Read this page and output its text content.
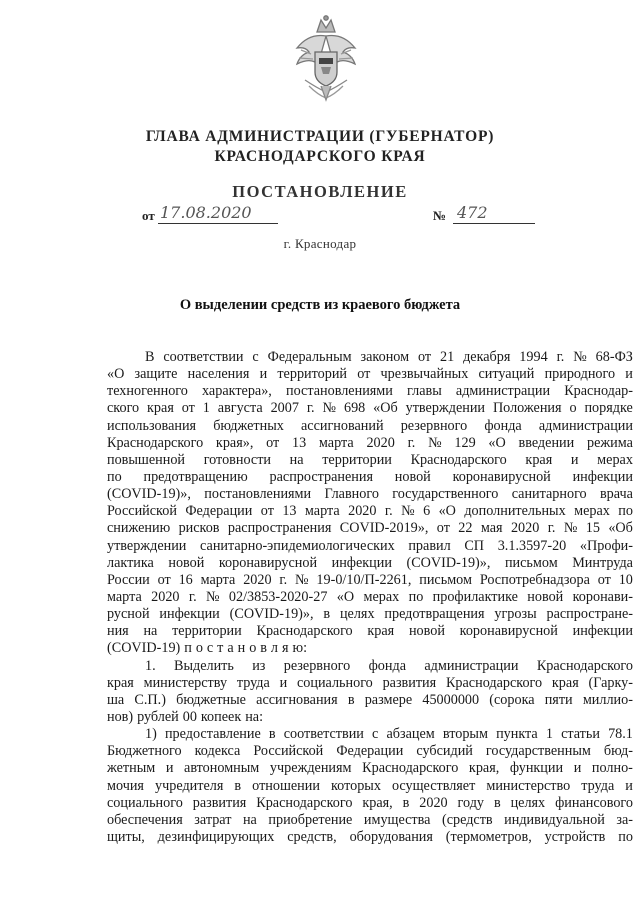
ГЛАВА АДМИНИСТРАЦИИ (ГУБЕРНАТОР)
КРАСНОДАРСКОГО КРАЯ
ПОСТАНОВЛЕНИЕ
от 17.08.2020	№ 472
г. Краснодар
О выделении средств из краевого бюджета
В соответствии с Федеральным законом от 21 декабря 1994 г. № 68-ФЗ
«О защите населения и территорий от чрезвычайных ситуаций природного и
техногенного характера», постановлениями главы администрации Краснодар-
ского края от 1 августа 2007 г. № 698 «Об утверждении Положения о порядке
использования бюджетных ассигнований резервного фонда администрации
Краснодарского края», от 13 марта 2020 г. № 129 «О введении режима
повышенной готовности на территории Краснодарского края и мерах
по предотвращению распространения новой коронавирусной инфекции
(COVID-19)», постановлениями Главного государственного санитарного врача
Российской Федерации от 13 марта 2020 г. № 6 «О дополнительных мерах по
снижению рисков распространения COVID-2019», от 22 мая 2020 г. № 15 «Об
утверждении санитарно-эпидемиологических правил СП 3.1.3597-20 «Профи-
лактика новой коронавирусной инфекции (COVID-19)», письмом Минтруда
России от 16 марта 2020 г. № 19-0/10/П-2261, письмом Роспотребнадзора от 10
марта 2020 г. № 02/3853-2020-27 «О мерах по профилактике новой коронави-
русной инфекции (COVID-19)», в целях предотвращения угрозы распростране-
ния на территории Краснодарского края новой коронавирусной инфекции
(COVID-19) п о с т а н о в л я ю:
1. Выделить из резервного фонда администрации Краснодарского
края министерству труда и социального развития Краснодарского края (Гарку-
ша С.П.) бюджетные ассигнования в размере 45000000 (сорока пяти миллио-
нов) рублей 00 копеек на:
1) предоставление в соответствии с абзацем вторым пункта 1 статьи 78.1
Бюджетного кодекса Российской Федерации субсидий государственным бюд-
жетным и автономным учреждениям Краснодарского края, функции и полно-
мочия учредителя в отношении которых осуществляет министерство труда и
социального развития Краснодарского края, в 2020 году в целях финансового
обеспечения затрат на приобретение имущества (средств индивидуальной за-
щиты, дезинфицирующих средств, оборудования (термометров, устройств по
